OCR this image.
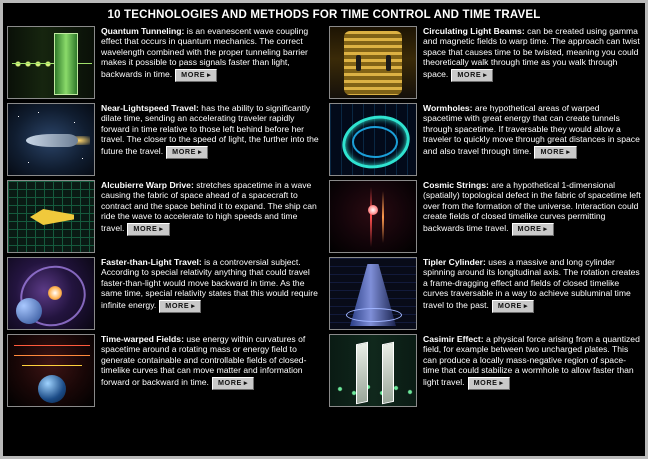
10 TECHNOLOGIES AND METHODS FOR TIME CONTROL AND TIME TRAVEL
Quantum Tunneling: is an evanescent wave coupling effect that occurs in quantum mechanics. The correct wavelength combined with the proper tunneling barrier makes it possible to pass signals faster than light, backwards in time. MORE ▸
Near-Lightspeed Travel: has the ability to significantly dilate time, sending an accelerating traveler rapidly forward in time relative to those left behind before her travel. The closer to the speed of light, the further into the future the travel. MORE ▸
Alcubierre Warp Drive: stretches spacetime in a wave causing the fabric of space ahead of a spacecraft to contract and the space behind it to expand. The ship can ride the wave to accelerate to high speeds and time travel. MORE ▸
Faster-than-Light Travel: is a controversial subject. According to special relativity anything that could travel faster-than-light would move backward in time. As the same time, special relativity states that this would require infinite energy. MORE ▸
Time-warped Fields: use energy within curvatures of spacetime around a rotating mass or energy field to generate containable and controllable fields of closed-timelike curves that can move matter and information forward or backward in time. MORE ▸
Circulating Light Beams: can be created using gamma and magnetic fields to warp time. The approach can twist space that causes time to be twisted, meaning you could theoretically walk through time as you walk through space. MORE ▸
Wormholes: are hypothetical areas of warped spacetime with great energy that can create tunnels through spacetime. If traversable they would allow a traveler to quickly move through great distances in space and also travel through time. MORE ▸
Cosmic Strings: are a hypothetical 1-dimensional (spatially) topological defect in the fabric of spacetime left over from the formation of the universe. Interaction could create fields of closed timelike curves permitting backwards time travel. MORE ▸
Tipler Cylinder: uses a massive and long cylinder spinning around its longitudinal axis. The rotation creates a frame-dragging effect and fields of closed timelike curves traversable in a way to achieve subluminal time travel to the past. MORE ▸
Casimir Effect: a physical force arising from a quantized field, for example between two uncharged plates. This can produce a locally mass-negative region of space-time that could stabilize a wormhole to allow faster than light travel. MORE ▸
